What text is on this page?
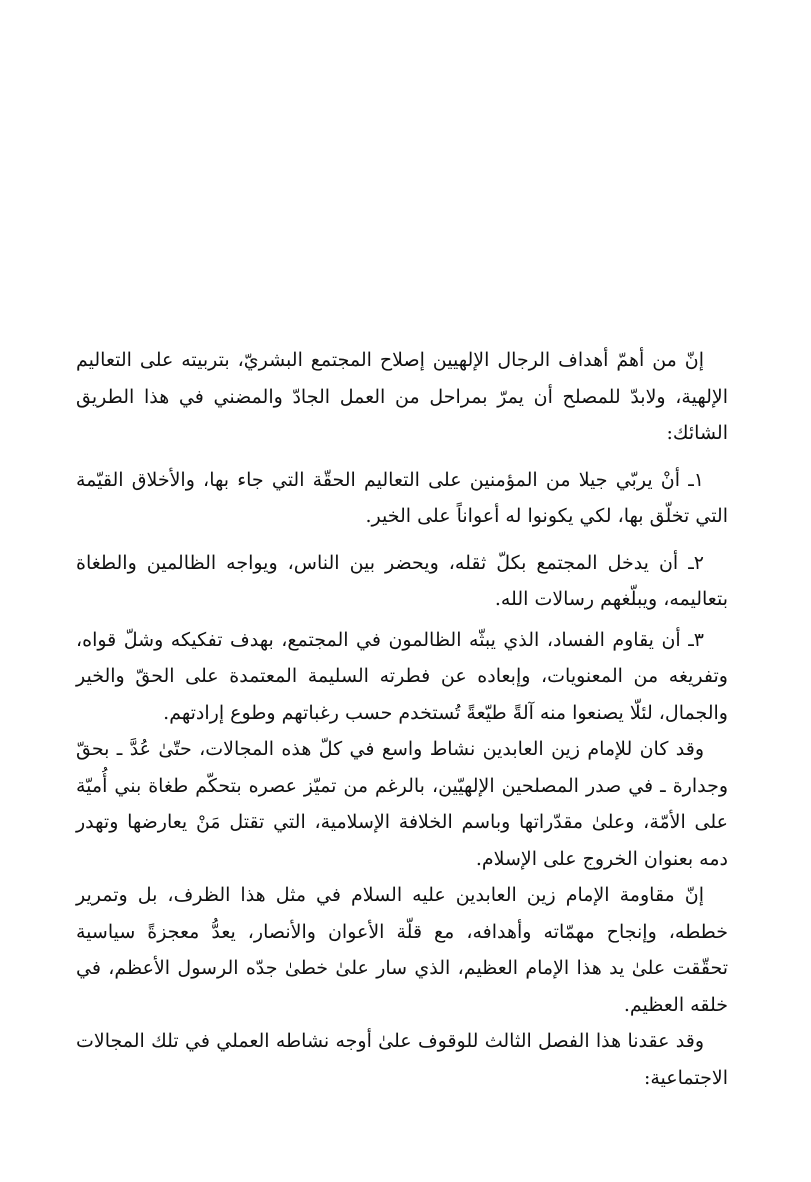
إنّ من أهمّ أهداف الرجال الإلهيين إصلاح المجتمع البشريّ، بتربيته على التعاليم الإلهية، ولابدّ للمصلح أن يمرّ بمراحل من العمل الجادّ والمضني في هذا الطريق الشائك:

١ـ أنْ يربّي جيلا من المؤمنين على التعاليم الحقّة التي جاء بها، والأخلاق القيّمة التي تخلّق بها، لكي يكونوا له أعواناً على الخير.

٢ـ أن يدخل المجتمع بكلّ ثقله، ويحضر بين الناس، ويواجه الظالمين والطغاة بتعاليمه، ويبلّغهم رسالات الله.

٣ـ أن يقاوم الفساد، الذي يبثّه الظالمون في المجتمع، بهدف تفكيكه وشلّ قواه، وتفريغه من المعنويات، وإبعاده عن فطرته السليمة المعتمدة على الحقّ والخير والجمال، لئلّا يصنعوا منه آلةً طيّعةً تُستخدم حسب رغباتهم وطوع إرادتهم.

وقد كان للإمام زين العابدين نشاط واسع في كلّ هذه المجالات، حتّىٰ عُدَّ ـ بحقّ وجدارة ـ في صدر المصلحين الإلهيّين، بالرغم من تميّز عصره بتحكّم طغاة بني أُميّة على الأمّة، وعلىٰ مقدّراتها وباسم الخلافة الإسلامية، التي تقتل مَنْ يعارضها وتهدر دمه بعنوان الخروج على الإسلام.

إنّ مقاومة الإمام زين العابدين عليه السلام في مثل هذا الظرف، بل وتمرير خططه، وإنجاح مهمّاته وأهدافه، مع قلّة الأعوان والأنصار، يعدُّ معجزةً سياسية تحقّقت علىٰ يد هذا الإمام العظيم، الذي سار علىٰ خطىٰ جدّه الرسول الأعظم، في خلقه العظيم.

وقد عقدنا هذا الفصل الثالث للوقوف علىٰ أوجه نشاطه العملي في تلك المجالات الاجتماعية:
